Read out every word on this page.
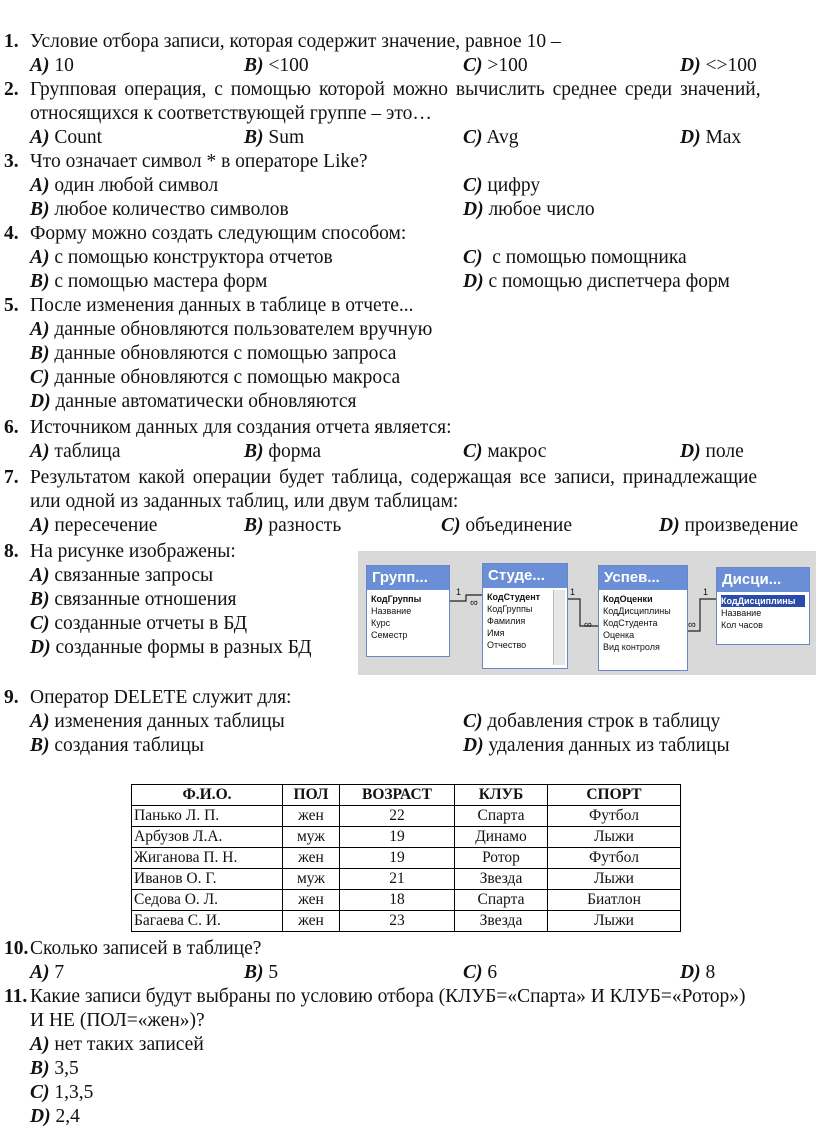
1. Условие отбора записи, которая содержит значение, равное 10 –
A) 10	B) <100	C) >100	D) <>100
2. Групповая операция, с помощью которой можно вычислить среднее среди значений,
относящихся к соответствующей группе – это…
A) Count	B) Sum	C) Avg	D) Max
3. Что означает символ * в операторе Like?
A) один любой символ	C) цифру
B) любое количество символов	D) любое число
4. Форму можно создать следующим способом:
A) с помощью конструктора отчетов	C) с помощью помощника
B) с помощью мастера форм	D) с помощью диспетчера форм
5. После изменения данных в таблице в отчете...
A) данные обновляются пользователем вручную
B) данные обновляются с помощью запроса
C) данные обновляются с помощью макроса
D) данные автоматически обновляются
6. Источником данных для создания отчета является:
A) таблица	B) форма	C) макрос	D) поле
7. Результатом какой операции будет таблица, содержащая все записи, принадлежащие
или одной из заданных таблиц, или двум таблицам:
A) пересечение	B) разность	C) объединение	D) произведение
8. На рисунке изображены:
A) связанные запросы
B) связанные отношения
C) созданные отчеты в БД
D) созданные формы в разных БД
1
∞
1
∞	∞
1
Групп...
КодГруппы
Название
Курс
Семестр
Студе...
КодСтудент
КодГруппы
Фамилия
Имя
Отчество
Успев...
КодОценки
КодДисциплины
КодСтудента
Оценка
Вид контроля
Дисци...
КодДисциплины
Название
Кол часов
9. Оператор DELETE служит для:
A) изменения данных таблицы	C) добавления строк в таблицу
B) создания таблицы	D) удаления данных из таблицы
Ф.И.О.	ПОЛ	ВОЗРАСТ	КЛУБ	СПОРТ
Панько Л. П.	жен	22	Спарта	Футбол
Арбузов Л.А.	муж	19	Динамо	Лыжи
Жиганова П. Н.	жен	19	Ротор	Футбол
Иванов О. Г.	муж	21	Звезда	Лыжи
Седова О. Л.	жен	18	Спарта	Биатлон
Багаева С. И.	жен	23	Звезда	Лыжи
10. Сколько записей в таблице?
A) 7	B) 5	C) 6	D) 8
11. Какие записи будут выбраны по условию отбора (КЛУБ=«Спарта» И КЛУБ=«Ротор»)
И НЕ (ПОЛ=«жен»)?
A) нет таких записей
B) 3,5
C) 1,3,5
D) 2,4
